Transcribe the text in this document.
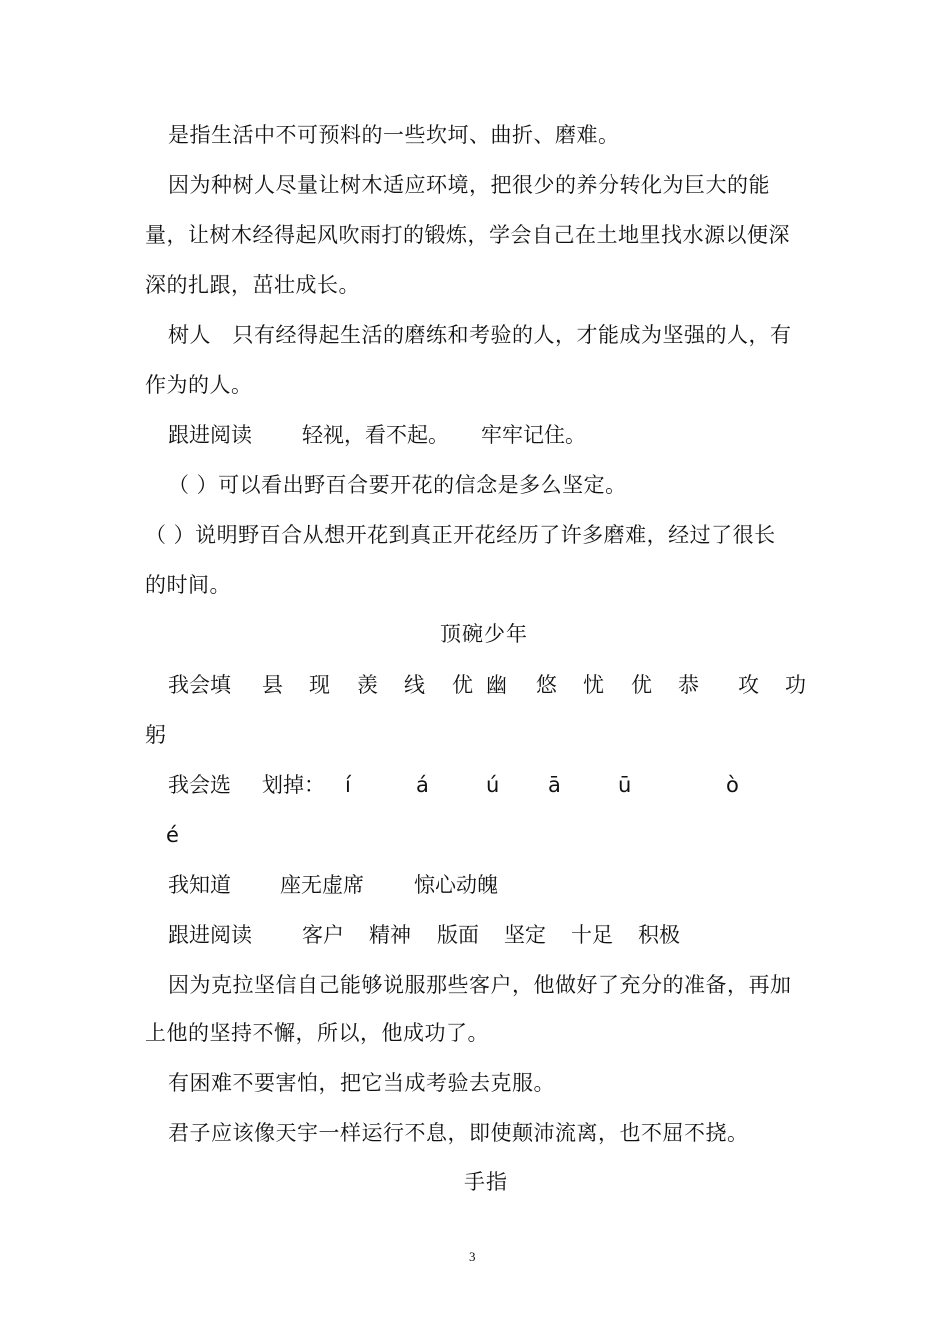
是指生活中不可预料的一些坎坷、曲折、磨难。
因为种树人尽量让树木适应环境，把很少的养分转化为巨大的能
量，让树木经得起风吹雨打的锻炼，学会自己在土地里找水源以便深
深的扎跟，茁壮成长。
树人　只有经得起生活的磨练和考验的人，才能成为坚强的人，有
作为的人。
跟进阅读 轻视，看不起。 牢牢记住。
（ ）可以看出野百合要开花的信念是多么坚定。
（ ）说明野百合从想开花到真正开花经历了许多磨难，经过了很长
的时间。
顶碗少年
我会填 县 现 羡 线 优 幽 悠 忧 优 恭 攻 功
躬
我会选 划掉： í	á	ú ā	ū	ò
é
我知道 座无虚席 惊心动魄
跟进阅读 客户 精神 版面 坚定 十足 积极
因为克拉坚信自己能够说服那些客户，他做好了充分的准备，再加
上他的坚持不懈，所以，他成功了。
有困难不要害怕，把它当成考验去克服。
君子应该像天宇一样运行不息，即使颠沛流离，也不屈不挠。
手指
3
